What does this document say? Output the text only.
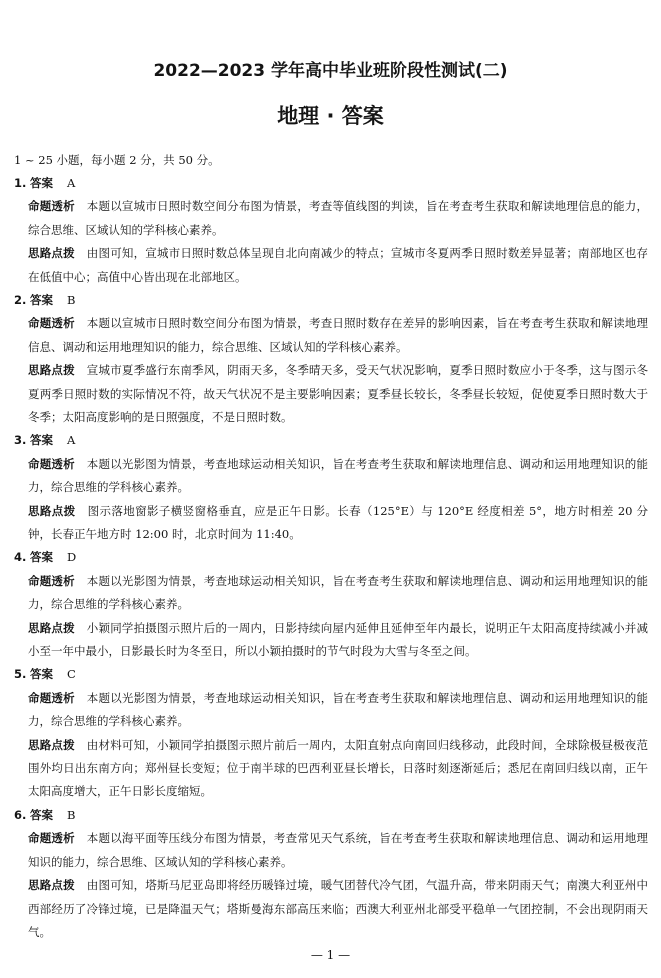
2022—2023 学年高中毕业班阶段性测试(二)
地理 · 答案
1 ~ 25 小题，每小题 2 分，共 50 分。

1. 答案 A

命题透析 本题以宣城市日照时数空间分布图为情景，考查等值线图的判读，旨在考查考生获取和解读地理信息的能力，综合思维、区域认知的学科核心素养。

思路点拨 由图可知，宣城市日照时数总体呈现自北向南减少的特点；宣城市冬夏两季日照时数差异显著；南部地区也存在低值中心；高值中心皆出现在北部地区。

2. 答案 B

命题透析 本题以宣城市日照时数空间分布图为情景，考查日照时数存在差异的影响因素，旨在考查考生获取和解读地理信息、调动和运用地理知识的能力，综合思维、区域认知的学科核心素养。

思路点拨 宣城市夏季盛行东南季风，阴雨天多，冬季晴天多，受天气状况影响，夏季日照时数应小于冬季，这与图示冬夏两季日照时数的实际情况不符，故天气状况不是主要影响因素；夏季昼长较长，冬季昼长较短，促使夏季日照时数大于冬季；太阳高度影响的是日照强度，不是日照时数。

3. 答案 A

命题透析 本题以光影图为情景，考查地球运动相关知识，旨在考查考生获取和解读地理信息、调动和运用地理知识的能力，综合思维的学科核心素养。

思路点拨 图示落地窗影子横竖窗格垂直，应是正午日影。长春（125°E）与 120°E 经度相差 5°，地方时相差 20 分钟，长春正午地方时 12:00 时，北京时间为 11:40。

4. 答案 D

命题透析 本题以光影图为情景，考查地球运动相关知识，旨在考查考生获取和解读地理信息、调动和运用地理知识的能力，综合思维的学科核心素养。

思路点拨 小颖同学拍摄图示照片后的一周内，日影持续向屋内延伸且延伸至年内最长，说明正午太阳高度持续减小并减小至一年中最小，日影最长时为冬至日，所以小颖拍摄时的节气时段为大雪与冬至之间。

5. 答案 C

命题透析 本题以光影图为情景，考查地球运动相关知识，旨在考查考生获取和解读地理信息、调动和运用地理知识的能力，综合思维的学科核心素养。

思路点拨 由材料可知，小颖同学拍摄图示照片前后一周内，太阳直射点向南回归线移动，此段时间，全球除极昼极夜范围外均日出东南方向；郑州昼长变短；位于南半球的巴西利亚昼长增长，日落时刻逐渐延后；悉尼在南回归线以南，正午太阳高度增大，正午日影长度缩短。

6. 答案 B

命题透析 本题以海平面等压线分布图为情景，考查常见天气系统，旨在考查考生获取和解读地理信息、调动和运用地理知识的能力，综合思维、区域认知的学科核心素养。

思路点拨 由图可知，塔斯马尼亚岛即将经历暖锋过境，暖气团替代冷气团，气温升高，带来阴雨天气；南澳大利亚州中西部经历了冷锋过境，已是降温天气；塔斯曼海东部高压来临；西澳大利亚州北部受平稳单一气团控制，不会出现阴雨天气。

— 1 —
